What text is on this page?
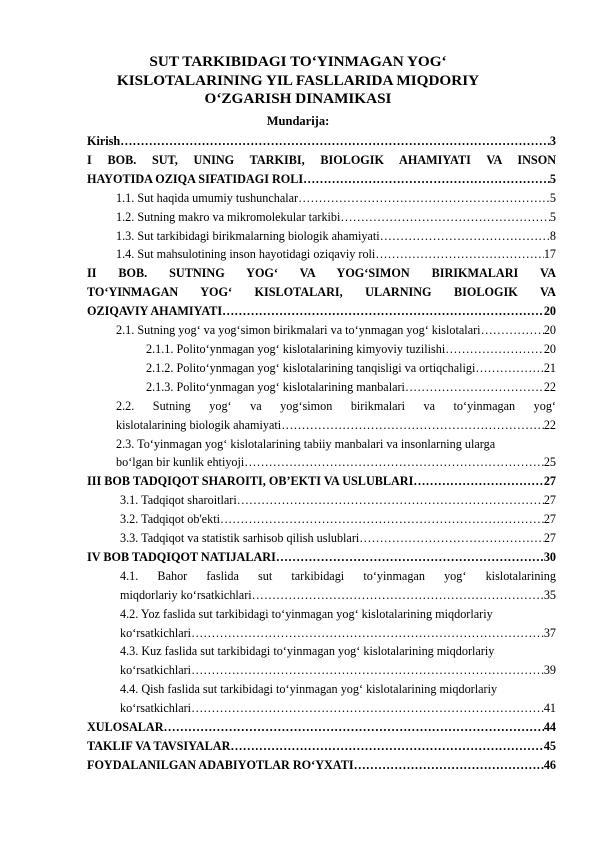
SUT TARKIBIDAGI TO‘YINMAGAN YOG‘
KISLOTALARINING YIL FASLLARIDA MIQDORIY
O‘ZGARISH DINAMIKASI
Mundarija:
Kirish ………………………………………………………………………………………………………………………………………………	3
I BOB. SUT, UNING TARKIBI, BIOLOGIK AHAMIYATI VA INSON
HAYOTIDA OZIQA SIFATIDAGI ROLI ………………………………………………………………………………………………………………………………………………	5
1.1. Sut haqida umumiy tushunchalar ………………………………………………………………………………………………………………………………………………	5
1.2. Sutning makro va mikromolekular tarkibi ………………………………………………………………………………………………………………………………………………	5
1.3. Sut tarkibidagi birikmalarning biologik ahamiyati ………………………………………………………………………………………………………………………………………………	8
1.4. Sut mahsulotining inson hayotidagi oziqaviy roli ………………………………………………………………………………………………………………………………………………	17
II BOB. SUTNING YOG‘ VA YOG‘SIMON BIRIKMALARI VA
TO‘YINMAGAN YOG‘ KISLOTALARI, ULARNING BIOLOGIK VA
OZIQAVIY AHAMIYATI ………………………………………………………………………………………………………………………………………………	20
2.1. Sutning yog‘ va yog‘simon birikmalari va to‘ynmagan yog‘ kislotalari ………………………………………………………………………………………………………………………………………………	20
2.1.1. Polito‘ynmagan yog‘ kislotalarining kimyoviy tuzilishi ………………………………………………………………………………………………………………………………………………	20
2.1.2. Polito‘ynmagan yog‘ kislotalarining tanqisligi va ortiqchaligi ………………………………………………………………………………………………………………………………………………	21
2.1.3. Polito‘ynmagan yog‘ kislotalarining manbalari ………………………………………………………………………………………………………………………………………………	22
2.2. Sutning yog‘ va yog‘simon birikmalari va to‘yinmagan yog‘
kislotalarining biologik ahamiyati ………………………………………………………………………………………………………………………………………………	22
2.3. To‘yinmagan yog‘ kislotalarining tabiiy manbalari va insonlarning ularga
bo‘lgan bir kunlik ehtiyoji ………………………………………………………………………………………………………………………………………………	25
III BOB TADQIQOT SHAROITI, OB’EKTI VA USLUBLARI ………………………………………………………………………………………………………………………………………………	27
3.1. Tadqiqot sharoitlari ………………………………………………………………………………………………………………………………………………	27
3.2. Tadqiqot ob'ekti ………………………………………………………………………………………………………………………………………………	27
3.3. Tadqiqot va statistik sarhisob qilish uslublari ………………………………………………………………………………………………………………………………………………	27
IV BOB TADQIQOT NATIJALARI ………………………………………………………………………………………………………………………………………………	30
4.1. Bahor faslida sut tarkibidagi to‘yinmagan yog‘ kislotalarining
miqdorlariy ko‘rsatkichlari ………………………………………………………………………………………………………………………………………………	35
4.2. Yoz faslida sut tarkibidagi to‘yinmagan yog‘ kislotalarining miqdorlariy
ko‘rsatkichlari ………………………………………………………………………………………………………………………………………………	37
4.3. Kuz faslida sut tarkibidagi to‘yinmagan yog‘ kislotalarining miqdorlariy
ko‘rsatkichlari ………………………………………………………………………………………………………………………………………………	39
4.4. Qish faslida sut tarkibidagi to‘yinmagan yog‘ kislotalarining miqdorlariy
ko‘rsatkichlari ………………………………………………………………………………………………………………………………………………	41
XULOSALAR ………………………………………………………………………………………………………………………………………………	44
TAKLIF VA TAVSIYALAR ………………………………………………………………………………………………………………………………………………	45
FOYDALANILGAN ADABIYOTLAR RO‘YXATI ………………………………………………………………………………………………………………………………………………	46
